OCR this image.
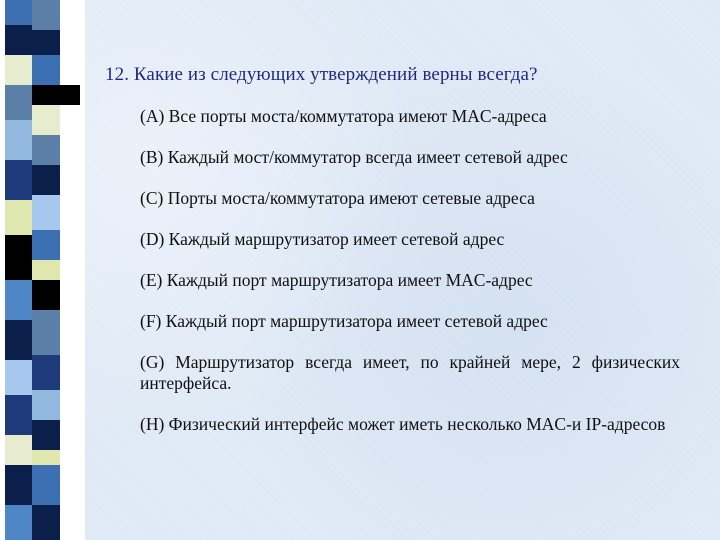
12. Какие из следующих утверждений верны всегда?
(A) Все порты моста/коммутатора имеют MAC-адреса
(B) Каждый мост/коммутатор всегда имеет сетевой адрес
(C) Порты моста/коммутатора имеют сетевые адреса
(D) Каждый маршрутизатор имеет сетевой адрес
(E) Каждый порт маршрутизатора имеет MAC-адрес
(F) Каждый порт маршрутизатора имеет сетевой адрес
(G) Маршрутизатор всегда имеет, по крайней мере, 2 физических интерфейса.
(H) Физический интерфейс может иметь несколько MAC-и IP-адресов
